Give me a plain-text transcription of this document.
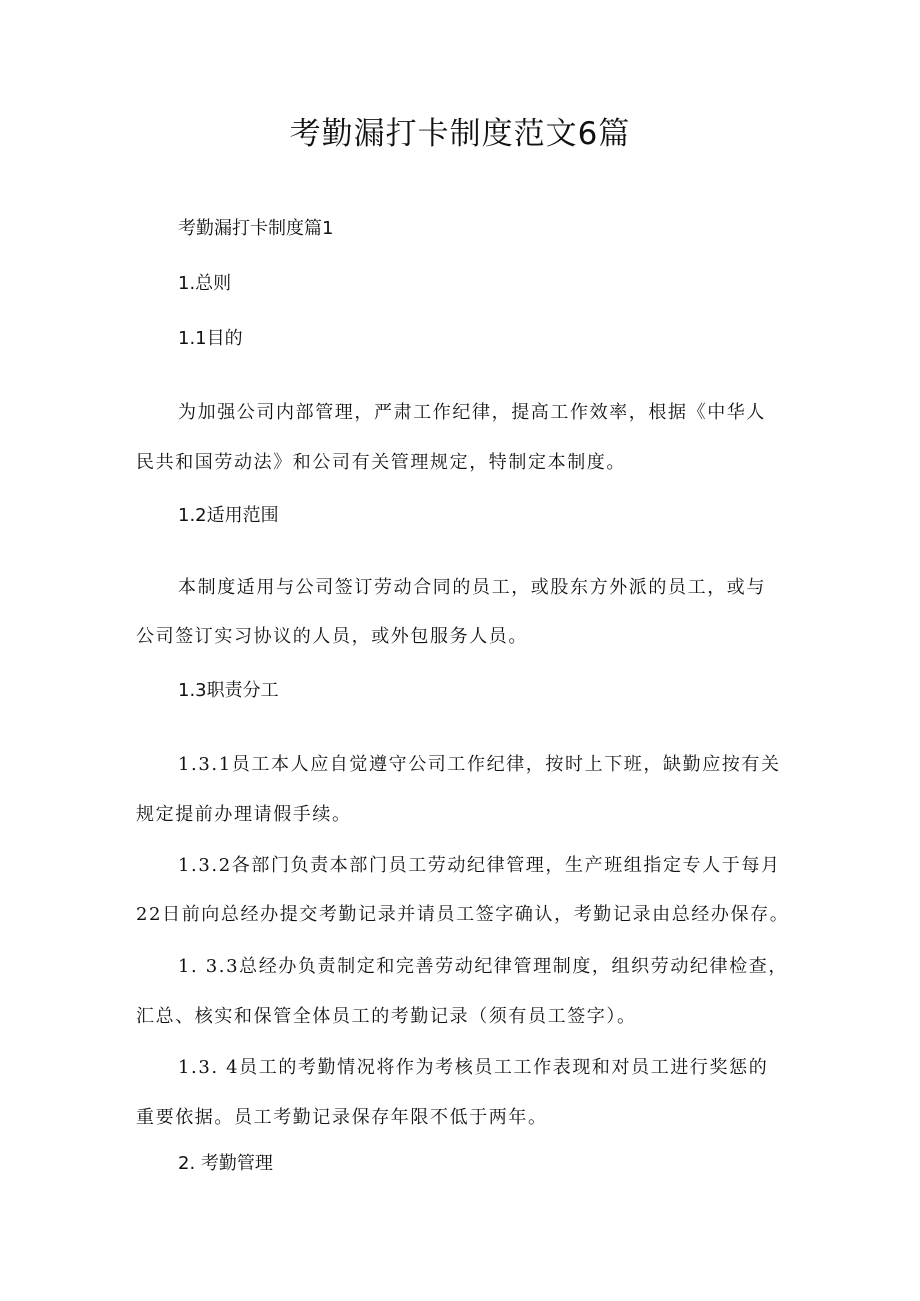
考勤漏打卡制度范文6篇
考勤漏打卡制度篇1
1.总则
1.1目的
为加强公司内部管理，严肃工作纪律，提高工作效率，根据《中华人
民共和国劳动法》和公司有关管理规定，特制定本制度。
1.2适用范围
本制度适用与公司签订劳动合同的员工，或股东方外派的员工，或与
公司签订实习协议的人员，或外包服务人员。
1.3职责分工
1.3.1员工本人应自觉遵守公司工作纪律，按时上下班，缺勤应按有关
规定提前办理请假手续。
1.3.2各部门负责本部门员工劳动纪律管理，生产班组指定专人于每月
22日前向总经办提交考勤记录并请员工签字确认，考勤记录由总经办保存。
1. 3.3总经办负责制定和完善劳动纪律管理制度，组织劳动纪律检查，
汇总、核实和保管全体员工的考勤记录（须有员工签字）。
1.3. 4员工的考勤情况将作为考核员工工作表现和对员工进行奖惩的
重要依据。员工考勤记录保存年限不低于两年。
2. 考勤管理
